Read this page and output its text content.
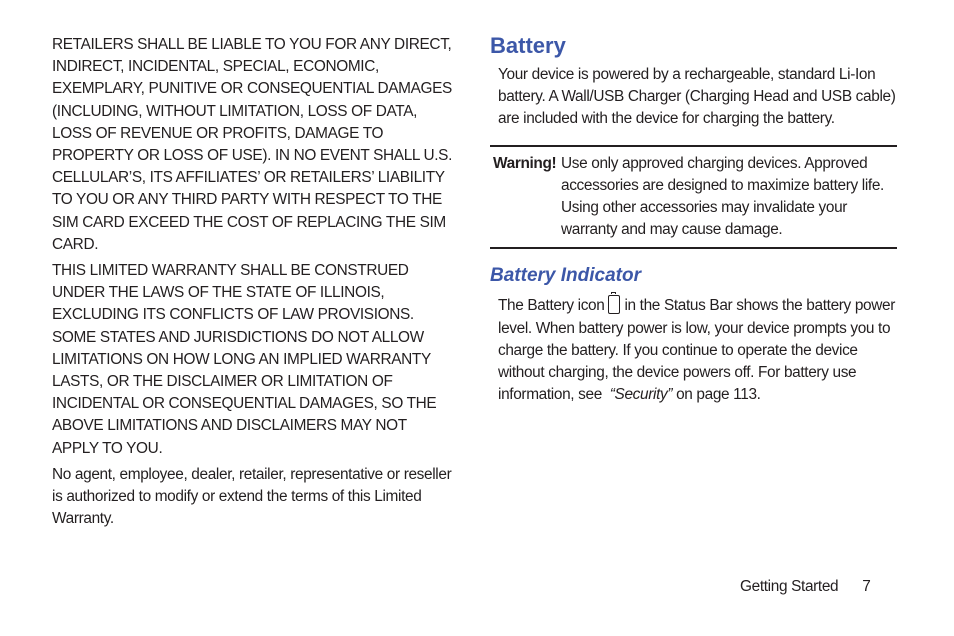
RETAILERS SHALL BE LIABLE TO YOU FOR ANY DIRECT, INDIRECT, INCIDENTAL, SPECIAL, ECONOMIC, EXEMPLARY, PUNITIVE OR CONSEQUENTIAL DAMAGES (INCLUDING, WITHOUT LIMITATION, LOSS OF DATA, LOSS OF REVENUE OR PROFITS, DAMAGE TO PROPERTY OR LOSS OF USE). IN NO EVENT SHALL U.S. CELLULAR’S, ITS AFFILIATES’ OR RETAILERS’ LIABILITY TO YOU OR ANY THIRD PARTY WITH RESPECT TO THE SIM CARD EXCEED THE COST OF REPLACING THE SIM CARD.

THIS LIMITED WARRANTY SHALL BE CONSTRUED UNDER THE LAWS OF THE STATE OF ILLINOIS, EXCLUDING ITS CONFLICTS OF LAW PROVISIONS. SOME STATES AND JURISDICTIONS DO NOT ALLOW LIMITATIONS ON HOW LONG AN IMPLIED WARRANTY LASTS, OR THE DISCLAIMER OR LIMITATION OF INCIDENTAL OR CONSEQUENTIAL DAMAGES, SO THE ABOVE LIMITATIONS AND DISCLAIMERS MAY NOT APPLY TO YOU.

No agent, employee, dealer, retailer, representative or reseller is authorized to modify or extend the terms of this Limited Warranty.

Battery

Your device is powered by a rechargeable, standard Li-Ion battery. A Wall/USB Charger (Charging Head and USB cable) are included with the device for charging the battery.

Warning! Use only approved charging devices. Approved accessories are designed to maximize battery life. Using other accessories may invalidate your warranty and may cause damage.
Battery Indicator

The Battery icon in the Status Bar shows the battery power level. When battery power is low, your device prompts you to charge the battery. If you continue to operate the device without charging, the device powers off. For battery use information, see “Security” on page 113.

Getting Started 7
